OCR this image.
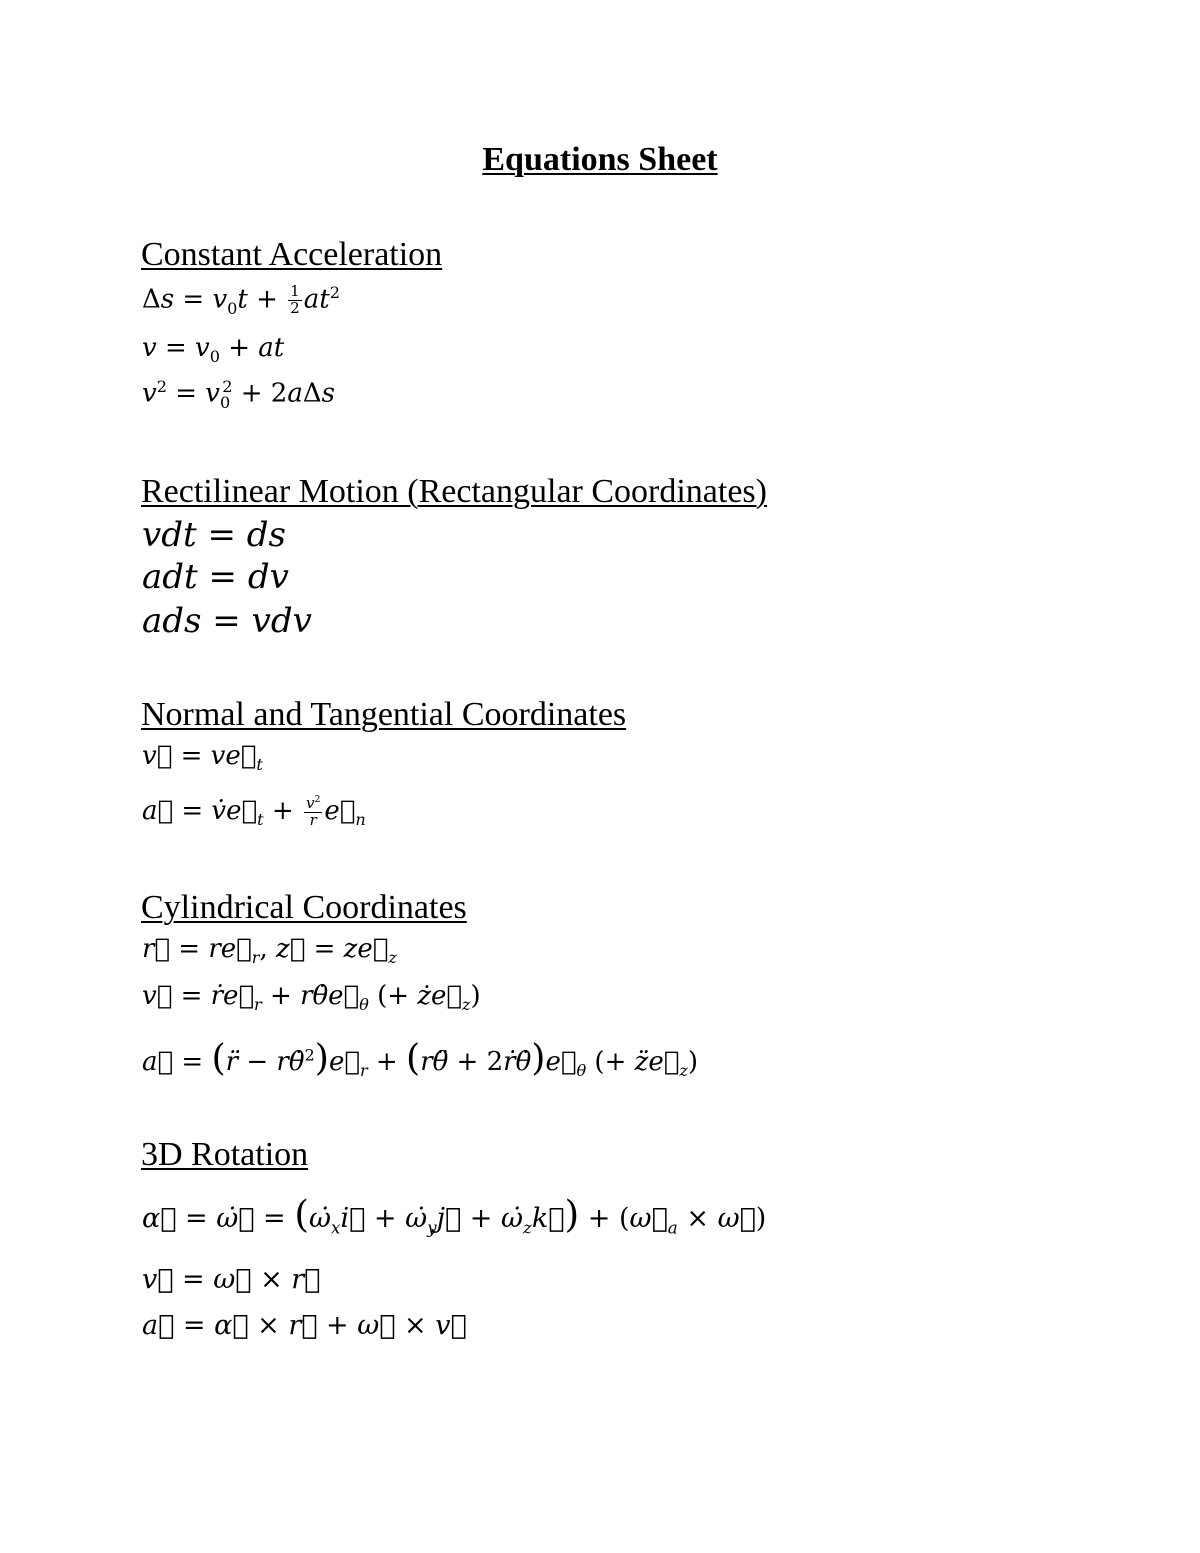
Equations Sheet
Constant Acceleration
$\Delta s = v_0t + \frac{1}{2} at^2$
$v = v_0$ + at
$v^2 = v_0^2 + 2a\Delta s$
Rectilinear Motion (Rectangular Coordinates)
vdt = ds
adt = dv
ads = vdv
Normal and Tangential Coordinates
v⃗ = $ve⃗_t$
a⃗ = $v̇e⃗_t + \frac{v^2}{r}$ $e⃗_n$
Cylindrical Coordinates
r⃗ = $re⃗_r$, z⃗ = $ze⃗_z$
v⃗ = $ṙe⃗_r$ + $r\thetȧe⃗_\theta$ (+ $że⃗_z$)
a⃗ = (r̈ − $r\thetȧ^2)e⃗_r$ + (rθ̈ + $2ṙ\thetȧ)e⃗_\theta$ (+ $z̈e⃗_z$)
3D Rotation
α⃗ = ω̇⃗ = ($\omegȧ_xi⃗$ + $\omegȧ_yj⃗$ + $\omegȧ_zk⃗$) + ($\omega⃗_a$ × ω⃗)
v⃗ = ω⃗ × r⃗
a⃗ = α⃗ × r⃗ + ω⃗ × v⃗
